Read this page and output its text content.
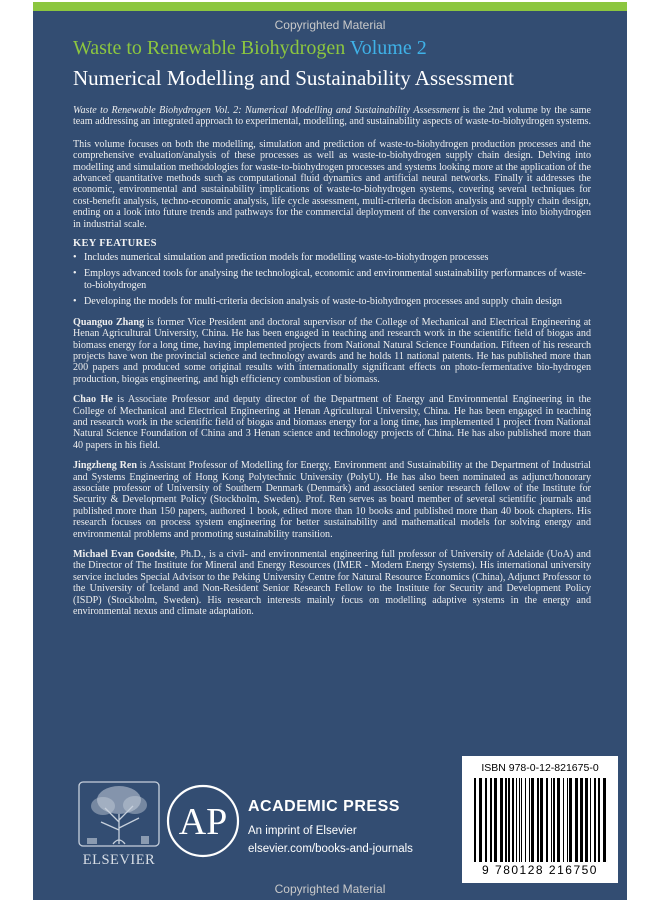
Copyrighted Material
Waste to Renewable Biohydrogen Volume 2
Numerical Modelling and Sustainability Assessment

Waste to Renewable Biohydrogen Vol. 2: Numerical Modelling and Sustainability Assessment is the 2nd volume by the same team addressing an integrated approach to experimental, modelling, and sustainability aspects of waste-to-biohydrogen systems.

This volume focuses on both the modelling, simulation and prediction of waste-to-biohydrogen production processes and the comprehensive evaluation/analysis of these processes as well as waste-to-biohydrogen supply chain design. Delving into modelling and simulation methodologies for waste-to-biohydrogen processes and systems looking more at the application of the advanced quantitative methods such as computational fluid dynamics and artificial neural networks. Finally it addresses the economic, environmental and sustainability implications of waste-to-biohydrogen systems, covering several techniques for cost-benefit analysis, techno-economic analysis, life cycle assessment, multi-criteria decision analysis and supply chain design, ending on a look into future trends and pathways for the commercial deployment of the conversion of wastes into biohydrogen in industrial scale.

KEY FEATURES
• Includes numerical simulation and prediction models for modelling waste-to-biohydrogen processes
• Employs advanced tools for analysing the technological, economic and environmental sustainability performances of waste-to-biohydrogen
• Developing the models for multi-criteria decision analysis of waste-to-biohydrogen processes and supply chain design

Quanguo Zhang is former Vice President and doctoral supervisor of the College of Mechanical and Electrical Engineering at Henan Agricultural University, China. He has been engaged in teaching and research work in the scientific field of biogas and biomass energy for a long time, having implemented projects from National Natural Science Foundation. Fifteen of his research projects have won the provincial science and technology awards and he holds 11 national patents. He has published more than 200 papers and produced some original results with internationally significant effects on photo-fermentative bio-hydrogen production, biogas engineering, and high efficiency combustion of biomass.

Chao He is Associate Professor and deputy director of the Department of Energy and Environmental Engineering in the College of Mechanical and Electrical Engineering at Henan Agricultural University, China. He has been engaged in teaching and research work in the scientific field of biogas and biomass energy for a long time, has implemented 1 project from National Natural Science Foundation of China and 3 Henan science and technology projects of China. He has also published more than 40 papers in his field.

Jingzheng Ren is Assistant Professor of Modelling for Energy, Environment and Sustainability at the Department of Industrial and Systems Engineering of Hong Kong Polytechnic University (PolyU). He has also been nominated as adjunct/honorary associate professor of University of Southern Denmark (Denmark) and associated senior research fellow of the Institute for Security & Development Policy (Stockholm, Sweden). Prof. Ren serves as board member of several scientific journals and published more than 150 papers, authored 1 book, edited more than 10 books and published more than 40 book chapters. His research focuses on process system engineering for better sustainability and mathematical models for solving energy and environmental problems and promoting sustainability transition.

Michael Evan Goodsite, Ph.D., is a civil- and environmental engineering full professor of University of Adelaide (UoA) and the Director of The Institute for Mineral and Energy Resources (IMER - Modern Energy Systems). His international university service includes Special Advisor to the Peking University Centre for Natural Resource Economics (China), Adjunct Professor to the University of Iceland and Non-Resident Senior Research Fellow to the Institute for Security and Development Policy (ISDP) (Stockholm, Sweden). His research interests mainly focus on modelling adaptive systems in the energy and environmental nexus and climate adaptation.

ISBN 978-0-12-821675-0
9 780128 216750
ELSEVIER
AP ACADEMIC PRESS
An imprint of Elsevier
elsevier.com/books-and-journals
Copyrighted Material
